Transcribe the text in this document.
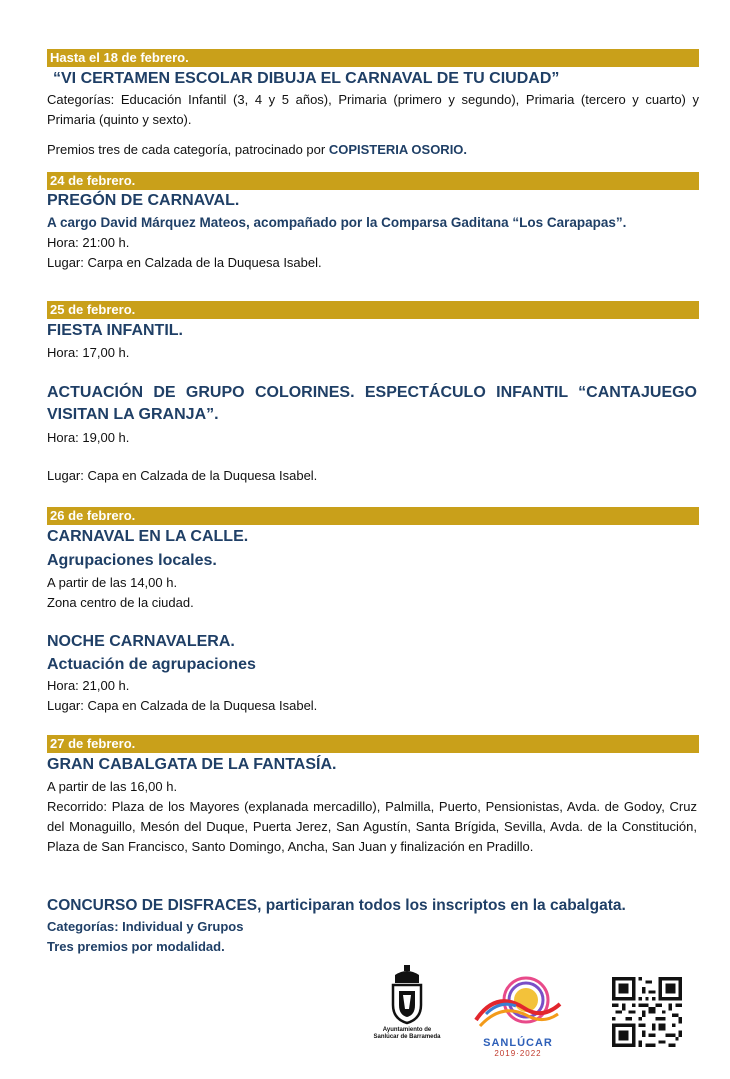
Hasta el 18 de febrero.
“VI CERTAMEN ESCOLAR DIBUJA EL CARNAVAL DE TU CIUDAD”
Categorías: Educación Infantil (3, 4 y 5 años), Primaria (primero y segundo), Primaria (tercero y cuarto) y Primaria (quinto y sexto).
Premios tres de cada categoría, patrocinado por COPISTERIA OSORIO.
24 de febrero.
PREGÓN DE CARNAVAL.
A cargo David Márquez Mateos, acompañado por la Comparsa Gaditana “Los Carapapas”.
Hora: 21:00 h.
Lugar: Carpa en Calzada de la Duquesa Isabel.
25 de febrero.
FIESTA INFANTIL.
Hora: 17,00 h.
ACTUACIÓN DE GRUPO COLORINES. ESPECTÁCULO INFANTIL “CANTAJUEGO VISITAN LA GRANJA”.
Hora: 19,00 h.
Lugar: Capa en Calzada de la Duquesa Isabel.
26 de febrero.
CARNAVAL EN LA CALLE.
Agrupaciones locales.
A partir de las 14,00 h.
Zona centro de la ciudad.
NOCHE CARNAVALERA.
Actuación de agrupaciones
Hora: 21,00 h.
Lugar: Capa en Calzada de la Duquesa Isabel.
27 de febrero.
GRAN CABALGATA DE LA FANTASÍA.
A partir de las 16,00 h.
Recorrido: Plaza de los Mayores (explanada mercadillo), Palmilla, Puerto, Pensionistas, Avda. de Godoy, Cruz del Monaguillo, Mesón del Duque, Puerta Jerez, San Agustín, Santa Brígida, Sevilla, Avda. de la Constitución, Plaza de San Francisco, Santo Domingo, Ancha, San Juan y finalización en Pradillo.
CONCURSO DE DISFRACES, participaran todos los inscriptos en la cabalgata.
Categorías: Individual y Grupos
Tres premios por modalidad.
Ayuntamiento de
Sanlúcar de Barrameda	SANLÚCAR
2019·2022
